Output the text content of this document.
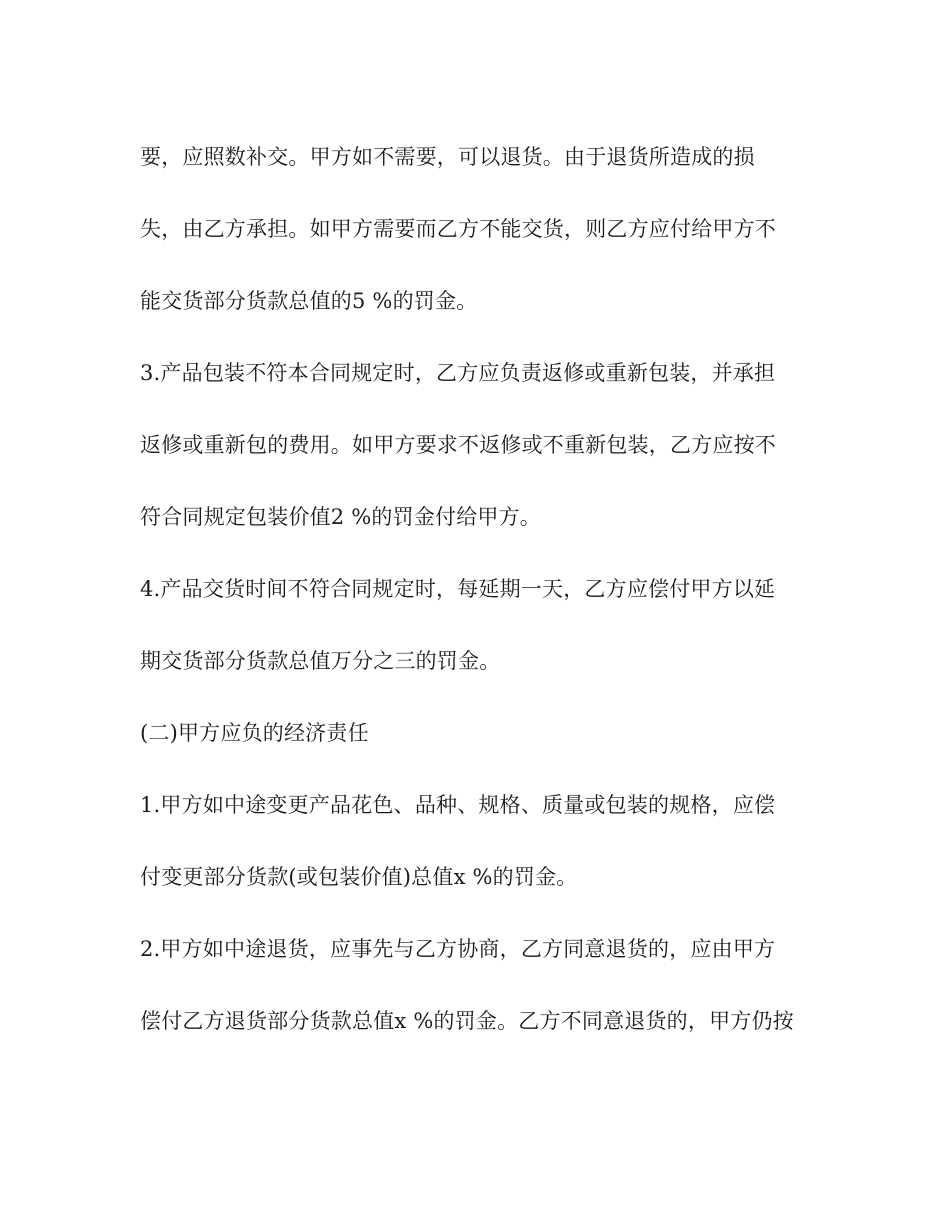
要，应照数补交。甲方如不需要，可以退货。由于退货所造成的损
失，由乙方承担。如甲方需要而乙方不能交货，则乙方应付给甲方不
能交货部分货款总值的5 %的罚金。
3.产品包装不符本合同规定时，乙方应负责返修或重新包装，并承担
返修或重新包的费用。如甲方要求不返修或不重新包装，乙方应按不
符合同规定包装价值2 %的罚金付给甲方。
4.产品交货时间不符合同规定时，每延期一天，乙方应偿付甲方以延
期交货部分货款总值万分之三的罚金。
(二)甲方应负的经济责任
1.甲方如中途变更产品花色、品种、规格、质量或包装的规格，应偿
付变更部分货款(或包装价值)总值x %的罚金。
2.甲方如中途退货，应事先与乙方协商，乙方同意退货的，应由甲方
偿付乙方退货部分货款总值x %的罚金。乙方不同意退货的，甲方仍按
